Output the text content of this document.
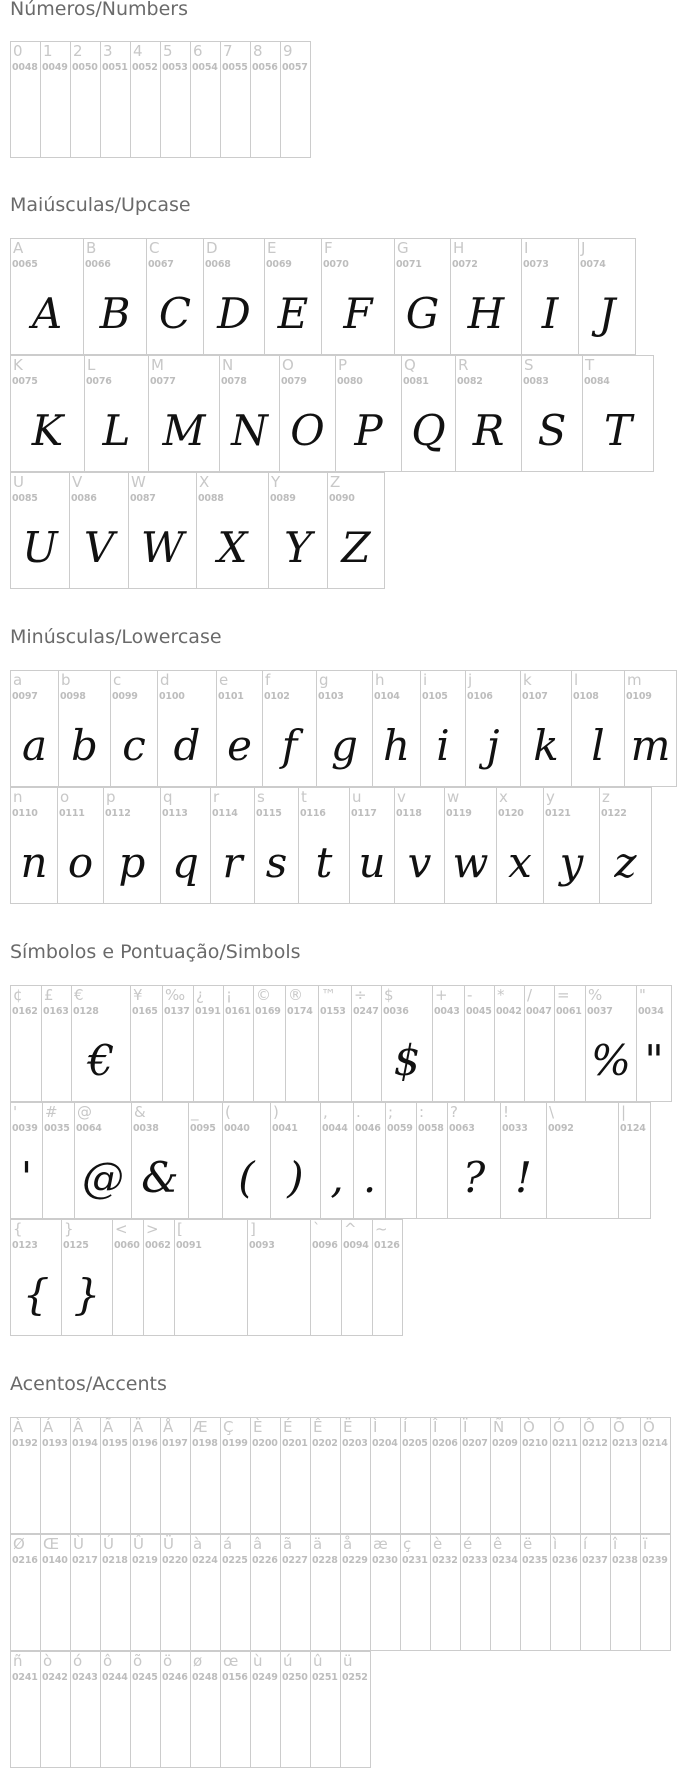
Números/Numbers
Maiúsculas/Upcase
Minúsculas/Lowercase
Símbolos e Pontuação/Simbols
Acentos/Accents
0
0048
1
0049
2
0050
3
0051
4
0052
5
0053
6
0054
7
0055
8
0056
9
0057
A
0065
A
B
0066
B
C
0067
C
D
0068
D
E
0069
E
F
0070
F
G
0071
G
H
0072
H
I
0073
I
J
0074
J
K
0075
K
L
0076
L
M
0077
M
N
0078
N
O
0079
O
P
0080
P
Q
0081
Q
R
0082
R
S
0083
S
T
0084
T
U
0085
U
V
0086
V
W
0087
W
X
0088
X
Y
0089
Y
Z
0090
Z
a
0097
a
b
0098
b
c
0099
c
d
0100
d
e
0101
e
f
0102
f
g
0103
g
h
0104
h
i
0105
i
j
0106
j
k
0107
k
l
0108
l
m
0109
m
n
0110
n
o
0111
o
p
0112
p
q
0113
q
r
0114
r
s
0115
s
t
0116
t
u
0117
u
v
0118
v
w
0119
w
x
0120
x
y
0121
y
z
0122
z
¢
0162
£
0163
€
0128
€
¥
0165
‰
0137
¿
0191
¡
0161
©
0169
®
0174
™
0153
÷
0247
$
0036
$
+
0043
-
0045
*
0042
/
0047
=
0061
%
0037
%
"
0034
"
'
0039
'
#
0035
@
0064
@
&
0038
&
_
0095
(
0040
(
)
0041
)
,
0044
,
.
0046
.
;
0059
:
0058
?
0063
?
!
0033
!
\
0092

|
0124
{
0123
{
}
0125
}
<
0060
>
0062
[
0091
]
0093
`
0096
^
0094
~
0126
À
0192
Á
0193
Â
0194
Ã
0195
Ä
0196
Å
0197
Æ
0198
Ç
0199
È
0200
É
0201
Ê
0202
Ë
0203
Ì
0204
Í
0205
Î
0206
Ï
0207
Ñ
0209
Ò
0210
Ó
0211
Ô
0212
Õ
0213
Ö
0214
Ø
0216
Œ
0140
Ù
0217
Ú
0218
Û
0219
Ü
0220
à
0224
á
0225
â
0226
ã
0227
ä
0228
å
0229
æ
0230
ç
0231
è
0232
é
0233
ê
0234
ë
0235
ì
0236
í
0237
î
0238
ï
0239
ñ
0241
ò
0242
ó
0243
ô
0244
õ
0245
ö
0246
ø
0248
œ
0156
ù
0249
ú
0250
û
0251
ü
0252
